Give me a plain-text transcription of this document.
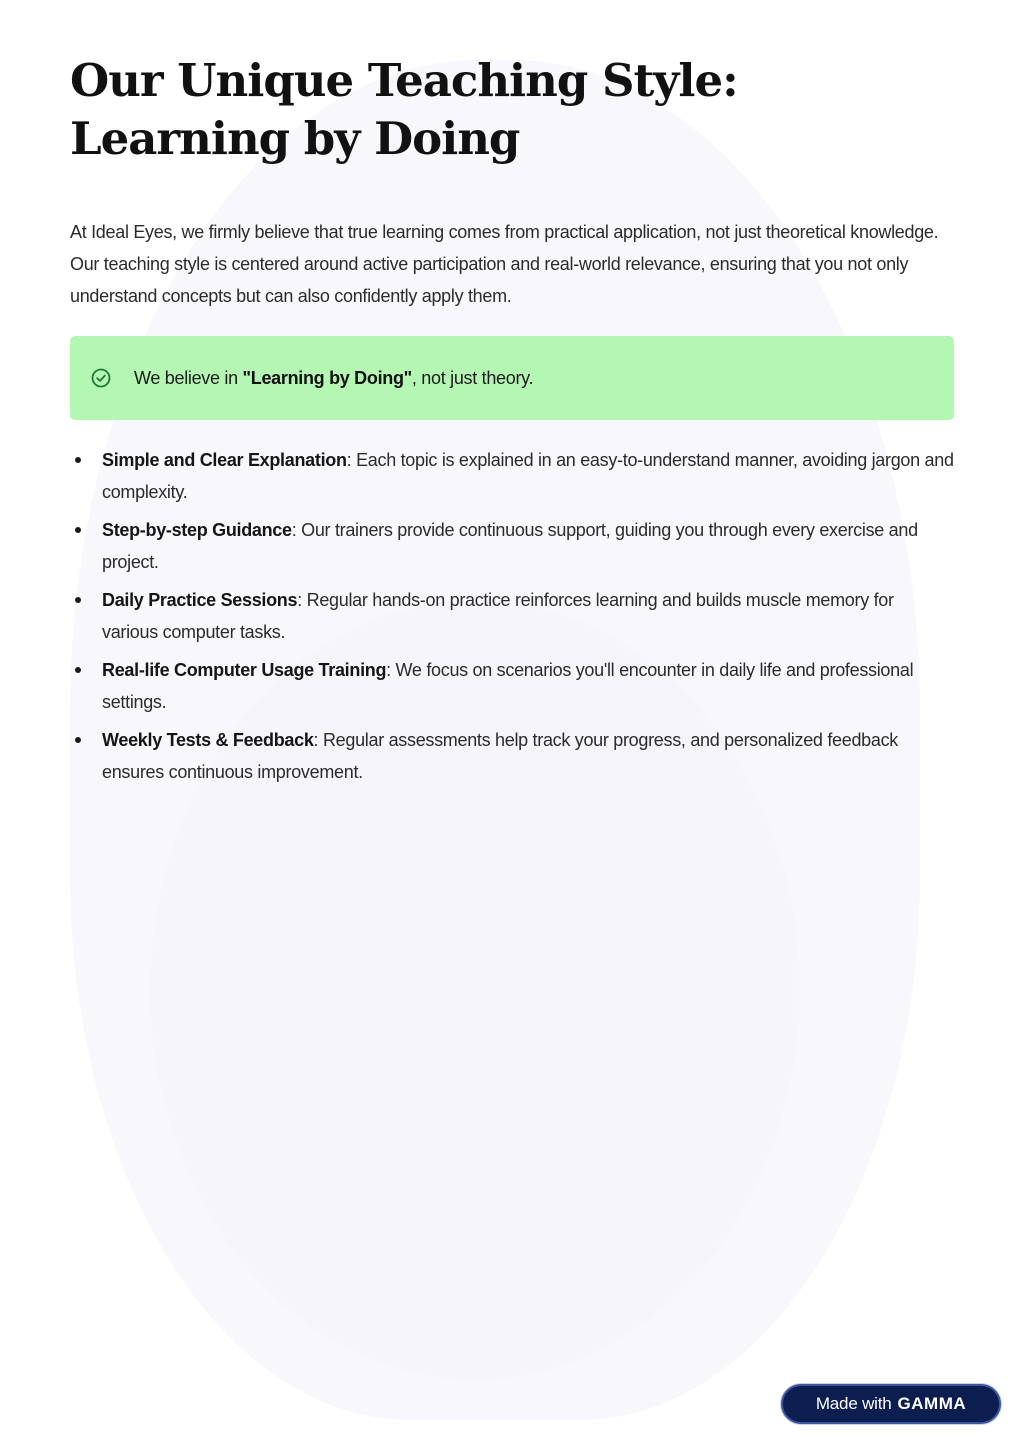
Our Unique Teaching Style: Learning by Doing

At Ideal Eyes, we firmly believe that true learning comes from practical application, not just theoretical knowledge. Our teaching style is centered around active participation and real-world relevance, ensuring that you not only understand concepts but can also confidently apply them.

We believe in "Learning by Doing", not just theory.
Simple and Clear Explanation: Each topic is explained in an easy-to-understand manner, avoiding jargon and complexity.
Step-by-step Guidance: Our trainers provide continuous support, guiding you through every exercise and project.
Daily Practice Sessions: Regular hands-on practice reinforces learning and builds muscle memory for various computer tasks.
Real-life Computer Usage Training: We focus on scenarios you'll encounter in daily life and professional settings.
Weekly Tests & Feedback: Regular assessments help track your progress, and personalized feedback ensures continuous improvement.
Made with GAMMA
